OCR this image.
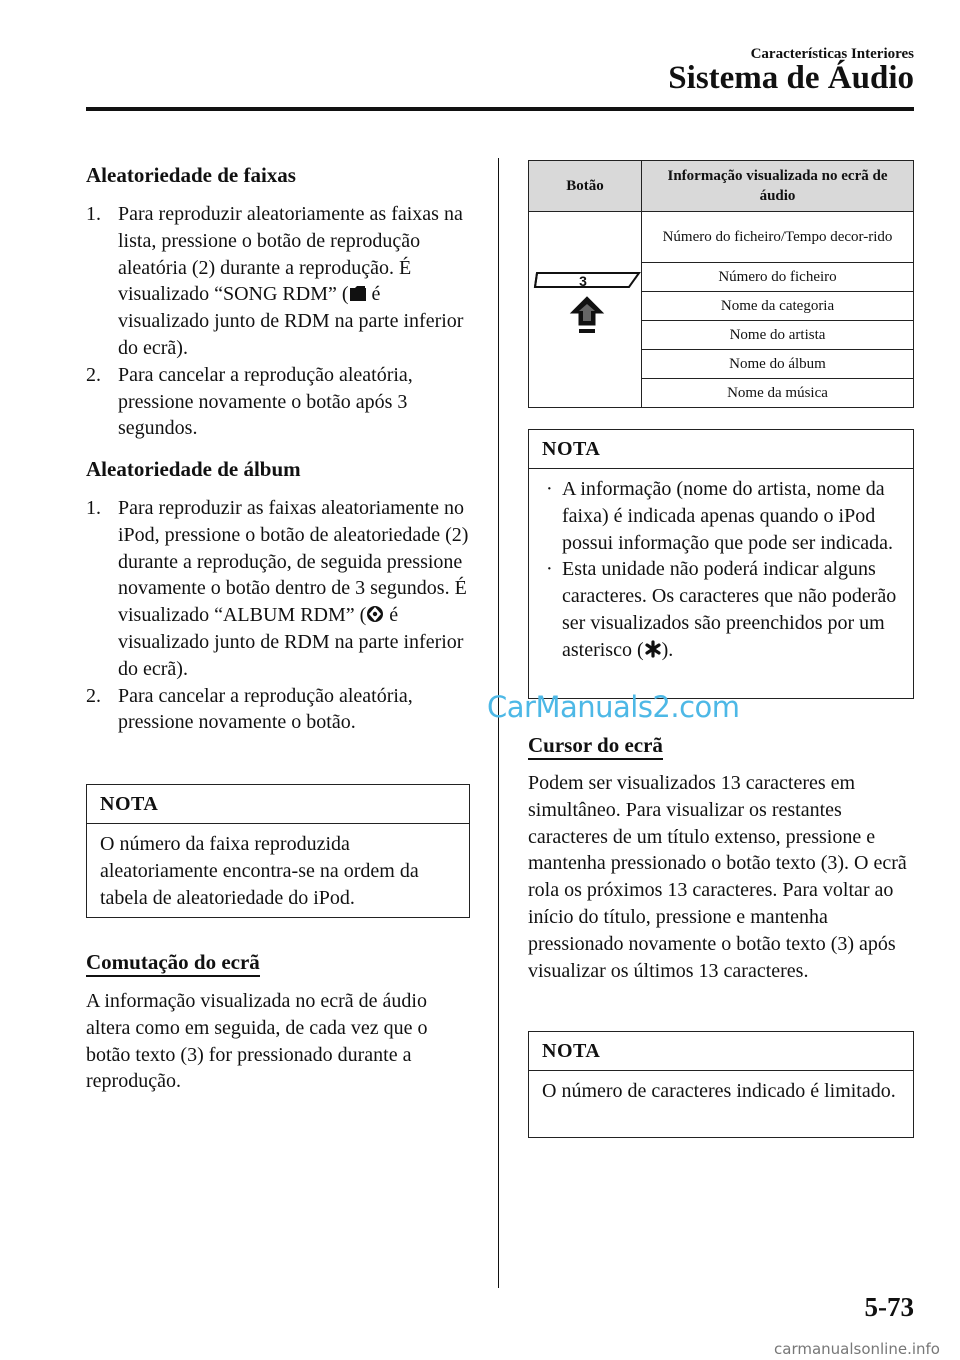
Características Interiores
Sistema de Áudio
Aleatoriedade de faixas
1. Para reproduzir aleatoriamente as faixas na lista, pressione o botão de reprodução aleatória (2) durante a reprodução. É visualizado “SONG RDM” ( é visualizado junto de RDM na parte inferior do ecrã).
2. Para cancelar a reprodução aleatória, pressione novamente o botão após 3 segundos.
Aleatoriedade de álbum
1. Para reproduzir as faixas aleatoriamente no iPod, pressione o botão de aleatoriedade (2) durante a reprodução, de seguida pressione novamente o botão dentro de 3 segundos. É visualizado “ALBUM RDM” ( é visualizado junto de RDM na parte inferior do ecrã).
2. Para cancelar a reprodução aleatória, pressione novamente o botão.
NOTA
O número da faixa reproduzida aleatoriamente encontra-se na ordem da tabela de aleatoriedade do iPod.
Comutação do ecrã

A informação visualizada no ecrã de áudio altera como em seguida, de cada vez que o botão texto (3) for pressionado durante a reprodução.

Botão	Informação visualizada no ecrã de áudio

3	Número do ficheiro/Tempo decor-rido
	Número do ficheiro
	Nome da categoria
	Nome do artista
	Nome do álbum
	Nome da música
NOTA
· A informação (nome do artista, nome da faixa) é indicada apenas quando o iPod possui informação que pode ser indicada.
· Esta unidade não poderá indicar alguns caracteres. Os caracteres que não poderão ser visualizados são preenchidos por um asterisco ( ).
CarManuals2.com
Cursor do ecrã

Podem ser visualizados 13 caracteres em simultâneo. Para visualizar os restantes caracteres de um título extenso, pressione e mantenha pressionado o botão texto (3). O ecrã rola os próximos 13 caracteres. Para voltar ao início do título, pressione e mantenha pressionado novamente o botão texto (3) após visualizar os últimos 13 caracteres.

NOTA
O número de caracteres indicado é limitado.
5-73
carmanualsonline.info
